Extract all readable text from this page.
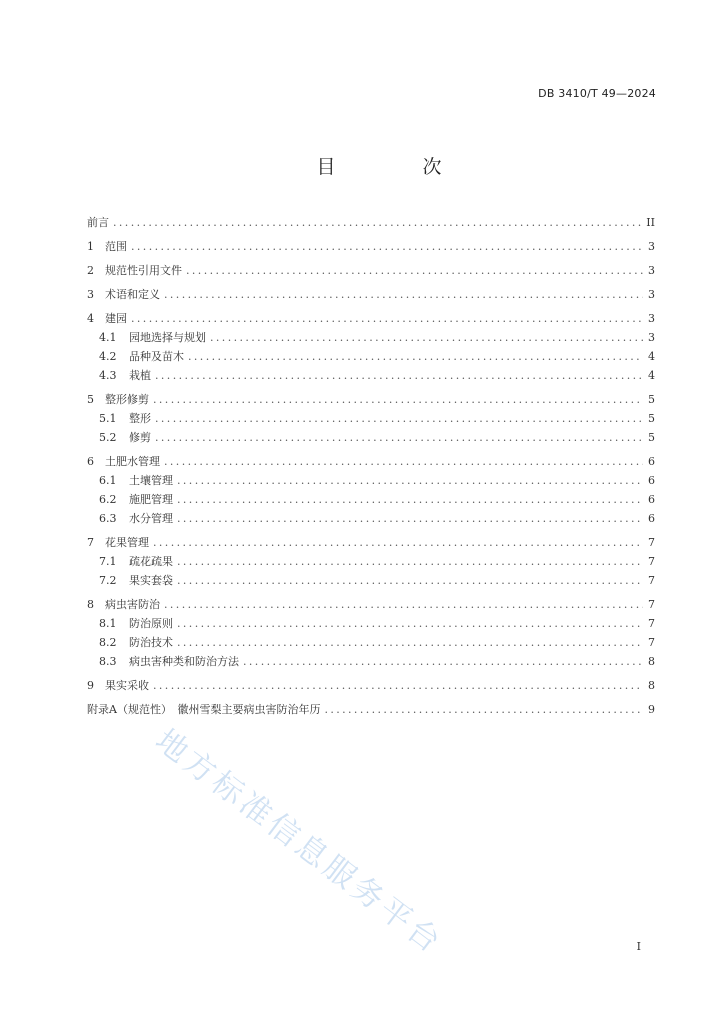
DB 3410/T 49—2024
目　次
前言 .....	II
1	范围 .....	3
2	规范性引用文件 .....	3
3	术语和定义 .....	3
4	建园 .....	3
4.1	园地选择与规划 .....	3
4.2	品种及苗木 .....	4
4.3	栽植 .....	4
5	整形修剪 .....	5
5.1	整形 .....	5
5.2	修剪 .....	5
6	土肥水管理 .....	6
6.1	土壤管理 .....	6
6.2	施肥管理 .....	6
6.3	水分管理 .....	6
7	花果管理 .....	7
7.1	疏花疏果 .....	7
7.2	果实套袋 .....	7
8	病虫害防治 .....	7
8.1	防治原则 .....	7
8.2	防治技术 .....	7
8.3	病虫害种类和防治方法 .....	8
9	果实采收 .....	8
附录A（规范性）　徽州雪梨主要病虫害防治年历 .....	9
I
地方标准信息服务平台
